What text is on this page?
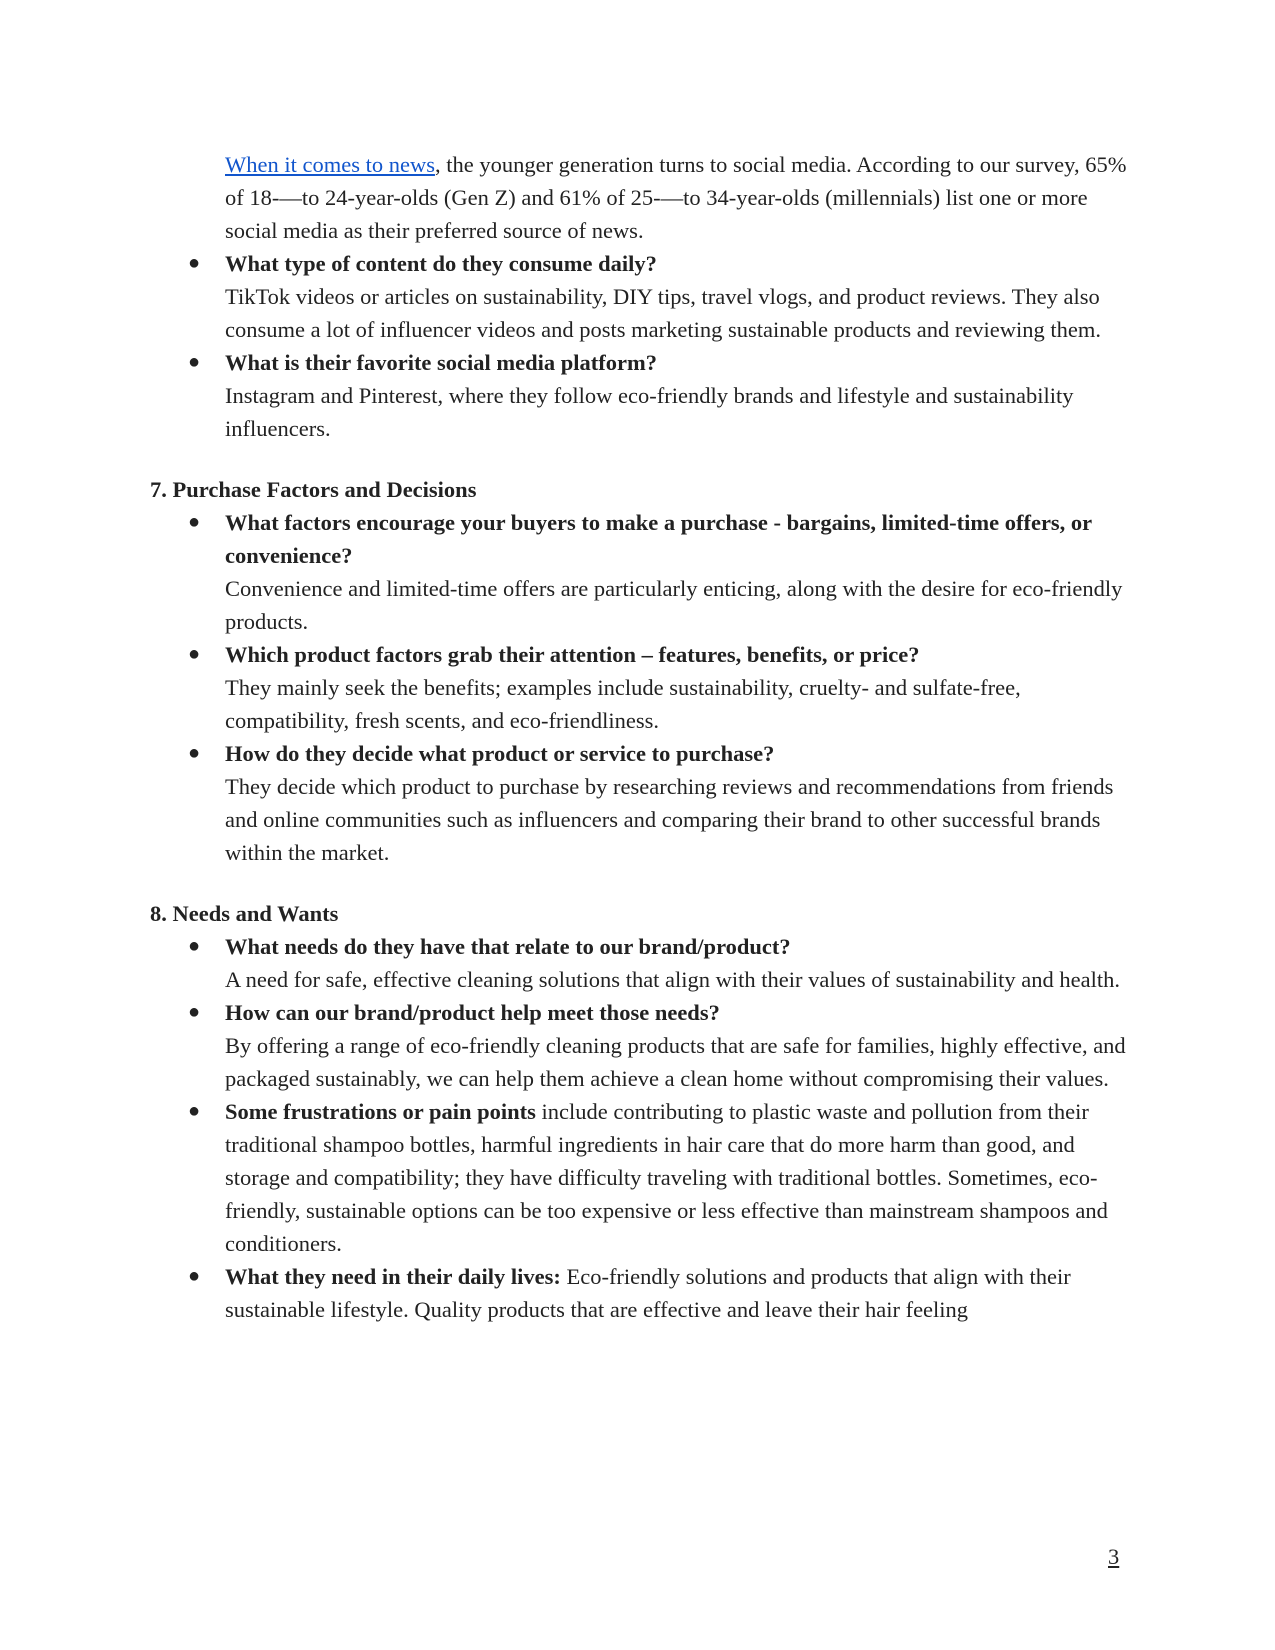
When it comes to news, the younger generation turns to social media. According to our survey, 65% of 18-—to 24-year-olds (Gen Z) and 61% of 25-—to 34-year-olds (millennials) list one or more social media as their preferred source of news.
● What type of content do they consume daily?
TikTok videos or articles on sustainability, DIY tips, travel vlogs, and product reviews. They also consume a lot of influencer videos and posts marketing sustainable products and reviewing them.
● What is their favorite social media platform?
Instagram and Pinterest, where they follow eco-friendly brands and lifestyle and sustainability influencers.
7. Purchase Factors and Decisions
● What factors encourage your buyers to make a purchase - bargains, limited-time offers, or convenience?
Convenience and limited-time offers are particularly enticing, along with the desire for eco-friendly products.
● Which product factors grab their attention – features, benefits, or price?
They mainly seek the benefits; examples include sustainability, cruelty- and sulfate-free, compatibility, fresh scents, and eco-friendliness.
● How do they decide what product or service to purchase?
They decide which product to purchase by researching reviews and recommendations from friends and online communities such as influencers and comparing their brand to other successful brands within the market.
8. Needs and Wants
● What needs do they have that relate to our brand/product?
A need for safe, effective cleaning solutions that align with their values of sustainability and health.
● How can our brand/product help meet those needs?
By offering a range of eco-friendly cleaning products that are safe for families, highly effective, and packaged sustainably, we can help them achieve a clean home without compromising their values.
● Some frustrations or pain points include contributing to plastic waste and pollution from their traditional shampoo bottles, harmful ingredients in hair care that do more harm than good, and storage and compatibility; they have difficulty traveling with traditional bottles. Sometimes, eco-friendly, sustainable options can be too expensive or less effective than mainstream shampoos and conditioners.
● What they need in their daily lives: Eco-friendly solutions and products that align with their sustainable lifestyle. Quality products that are effective and leave their hair feeling
3
